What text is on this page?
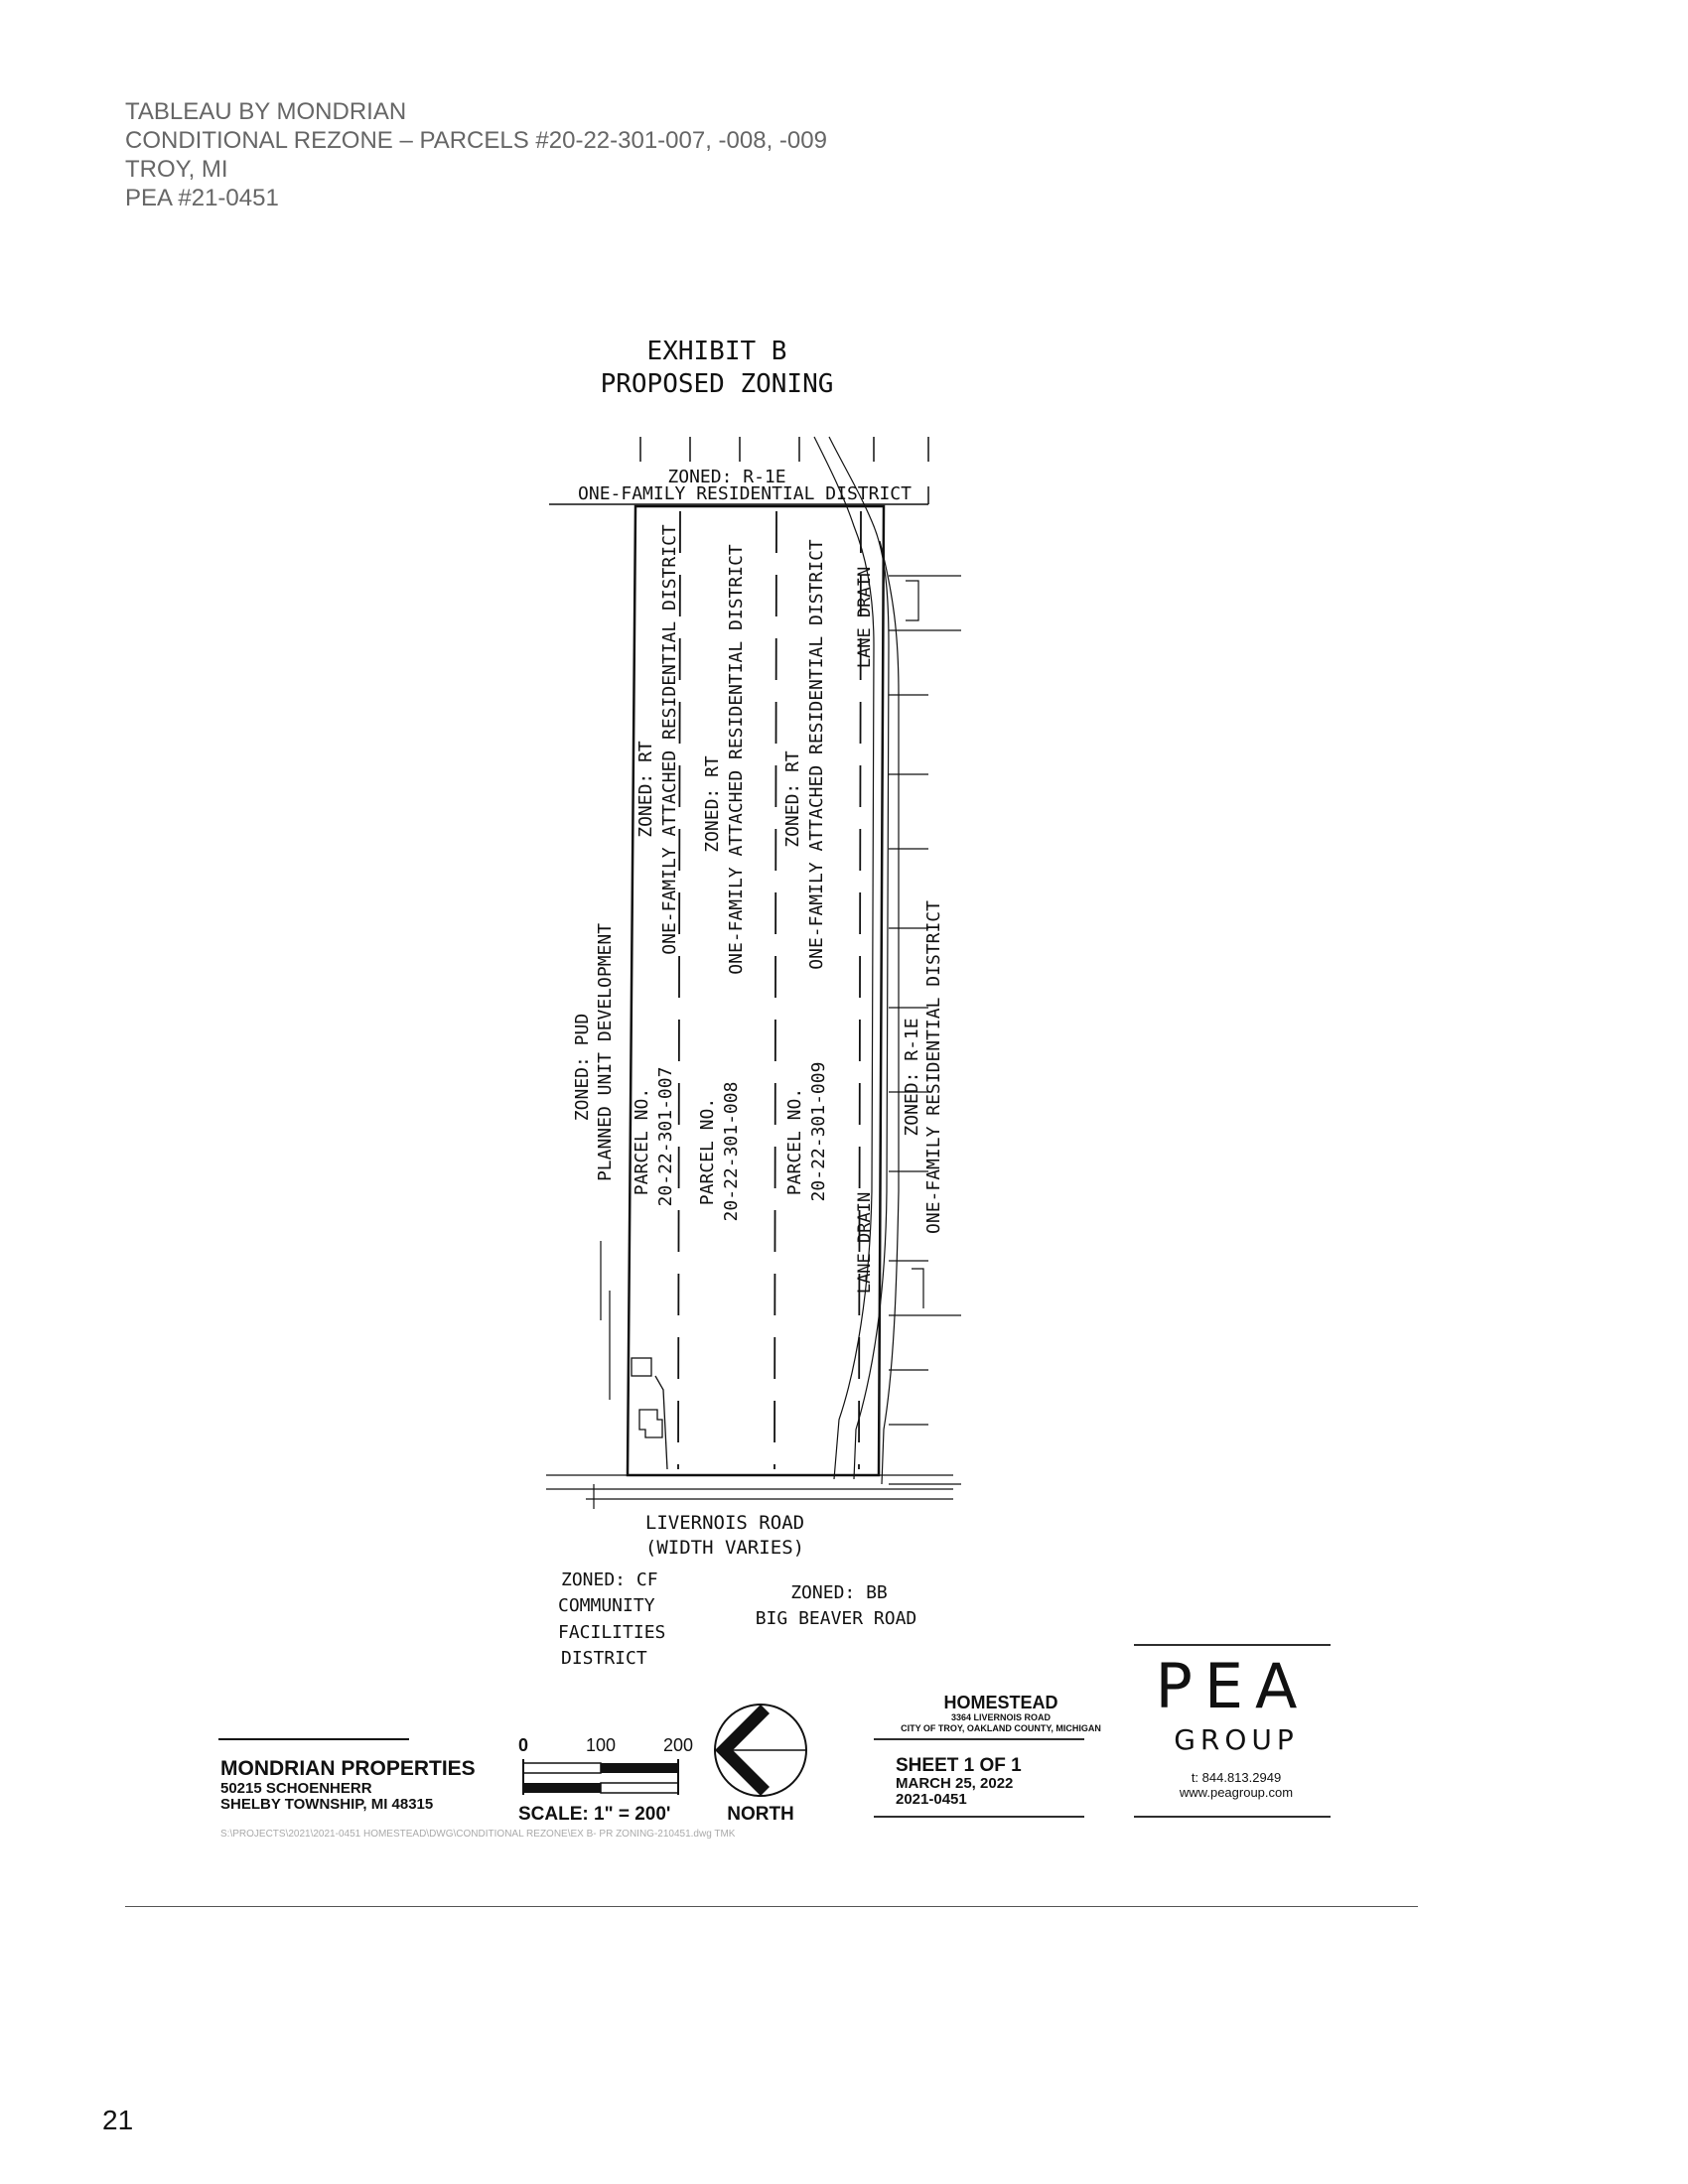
TABLEAU BY MONDRIAN
CONDITIONAL REZONE – PARCELS #20-22-301-007, -008, -009
TROY, MI
PEA #21-0451
EXHIBIT B
PROPOSED ZONING
ZONED: R-1E
ONE-FAMILY RESIDENTIAL DISTRICT
ZONED: RT ONE-FAMILY ATTACHED RESIDENTIAL DISTRICT
PARCEL NO. 20-22-301-007
ZONED: RT ONE-FAMILY ATTACHED RESIDENTIAL DISTRICT
PARCEL NO. 20-22-301-008
ZONED: RT ONE-FAMILY ATTACHED RESIDENTIAL DISTRICT
PARCEL NO. 20-22-301-009
ZONED: PUD PLANNED UNIT DEVELOPMENT	ZONED: R-1E ONE-FAMILY RESIDENTIAL DISTRICT
LANE DRAIN
LANE DRAIN
LIVERNOIS ROAD
(WIDTH VARIES)
ZONED: CF
COMMUNITY
FACILITIES
DISTRICT
ZONED: BB
BIG BEAVER ROAD
MONDRIAN PROPERTIES
50215 SCHOENHERR
SHELBY TOWNSHIP, MI 48315
0	100	200
SCALE: 1" = 200'	NORTH
S:\PROJECTS\2021\2021-0451 HOMESTEAD\DWG\CONDITIONAL REZONE\EX B- PR ZONING-210451.dwg TMK
HOMESTEAD
3364 LIVERNOIS ROAD
CITY OF TROY, OAKLAND COUNTY, MICHIGAN
SHEET 1 OF 1
MARCH 25, 2022
2021-0451
PEA
GROUP
t: 844.813.2949
www.peagroup.com
21
